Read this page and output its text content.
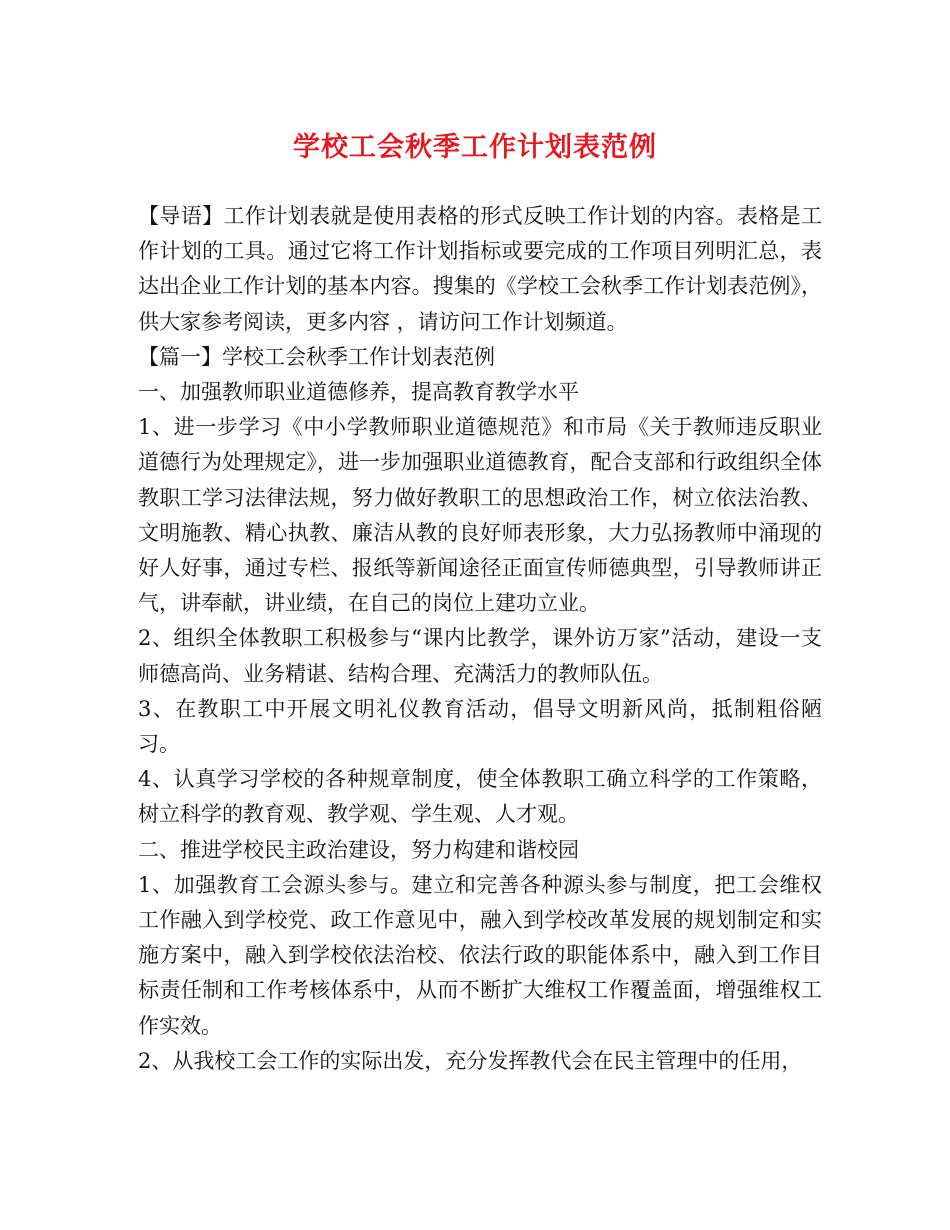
学校工会秋季工作计划表范例

【导语】工作计划表就是使用表格的形式反映工作计划的内容。表格是工作计划的工具。通过它将工作计划指标或要完成的工作项目列明汇总，表达出企业工作计划的基本内容。搜集的《学校工会秋季工作计划表范例》，供大家参考阅读，更多内容 ，请访问工作计划频道。

【篇一】学校工会秋季工作计划表范例

一、加强教师职业道德修养，提高教育教学水平

1、进一步学习《中小学教师职业道德规范》和市局《关于教师违反职业道德行为处理规定》，进一步加强职业道德教育，配合支部和行政组织全体教职工学习法律法规，努力做好教职工的思想政治工作，树立依法治教、文明施教、精心执教、廉洁从教的良好师表形象，大力弘扬教师中涌现的好人好事，通过专栏、报纸等新闻途径正面宣传师德典型，引导教师讲正气，讲奉献，讲业绩，在自己的岗位上建功立业。

2、组织全体教职工积极参与“课内比教学，课外访万家”活动，建设一支师德高尚、业务精谌、结构合理、充满活力的教师队伍。

3、在教职工中开展文明礼仪教育活动，倡导文明新风尚，抵制粗俗陋习。

4、认真学习学校的各种规章制度，使全体教职工确立科学的工作策略，树立科学的教育观、教学观、学生观、人才观。

二、推进学校民主政治建设，努力构建和谐校园

1、加强教育工会源头参与。建立和完善各种源头参与制度，把工会维权工作融入到学校党、政工作意见中，融入到学校改革发展的规划制定和实施方案中，融入到学校依法治校、依法行政的职能体系中，融入到工作目标责任制和工作考核体系中，从而不断扩大维权工作覆盖面，增强维权工作实效。

2、从我校工会工作的实际出发，充分发挥教代会在民主管理中的任用，
